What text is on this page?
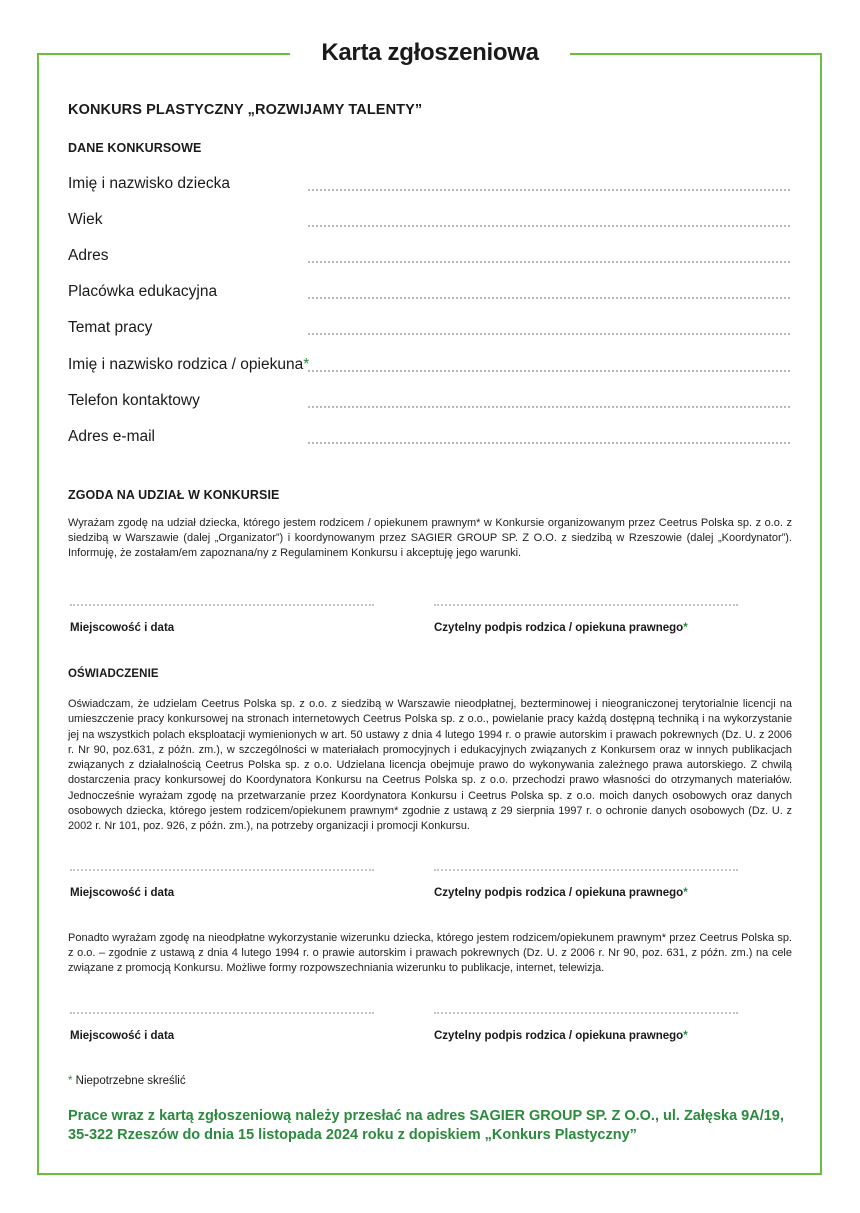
Karta zgłoszeniowa
KONKURS PLASTYCZNY „ROZWIJAMY TALENTY”
DANE KONKURSOWE
Imię i nazwisko dziecka
Wiek
Adres
Placówka edukacyjna
Temat pracy
Imię i nazwisko rodzica / opiekuna*
Telefon kontaktowy
Adres e-mail
ZGODA NA UDZIAŁ W KONKURSIE
Wyrażam zgodę na udział dziecka, którego jestem rodzicem / opiekunem prawnym* w Konkursie organizowanym przez Ceetrus Polska sp. z o.o. z siedzibą w Warszawie (dalej „Organizator”) i koordynowanym przez SAGIER GROUP SP. Z O.O. z siedzibą w Rzeszowie (dalej „Koordynator”). Informuję, że zostałam/em zapoznana/ny z Regulaminem Konkursu i akceptuję jego warunki.
Miejscowość i data	Czytelny podpis rodzica / opiekuna prawnego*
OŚWIADCZENIE
Oświadczam, że udzielam Ceetrus Polska sp. z o.o. z siedzibą w Warszawie nieodpłatnej, bezterminowej i nieograniczonej terytorialnie licencji na umieszczenie pracy konkursowej na stronach internetowych Ceetrus Polska sp. z o.o., powielanie pracy każdą dostępną techniką i na wykorzystanie jej na wszystkich polach eksploatacji wymienionych w art. 50 ustawy z dnia 4 lutego 1994 r. o prawie autorskim i prawach pokrewnych (Dz. U. z 2006 r. Nr 90, poz.631, z późn. zm.), w szczególności w materiałach promocyjnych i edukacyjnych związanych z Konkursem oraz w innych publikacjach związanych z działalnością Ceetrus Polska sp. z o.o. Udzielana licencja obejmuje prawo do wykonywania zależnego prawa autorskiego. Z chwilą dostarczenia pracy konkursowej do Koordynatora Konkursu na Ceetrus Polska sp. z o.o. przechodzi prawo własności do otrzymanych materiałów. Jednocześnie wyrażam zgodę na przetwarzanie przez Koordynatora Konkursu i Ceetrus Polska sp. z o.o. moich danych osobowych oraz danych osobowych dziecka, którego jestem rodzicem/opiekunem prawnym* zgodnie z ustawą z 29 sierpnia 1997 r. o ochronie danych osobowych (Dz. U. z 2002 r. Nr 101, poz. 926, z późn. zm.), na potrzeby organizacji i promocji Konkursu.
Miejscowość i data	Czytelny podpis rodzica / opiekuna prawnego*
Ponadto wyrażam zgodę na nieodpłatne wykorzystanie wizerunku dziecka, którego jestem rodzicem/opiekunem prawnym* przez Ceetrus Polska sp. z o.o. – zgodnie z ustawą z dnia 4 lutego 1994 r. o prawie autorskim i prawach pokrewnych (Dz. U. z 2006 r. Nr 90, poz. 631, z późn. zm.) na cele związane z promocją Konkursu. Możliwe formy rozpowszechniania wizerunku to publikacje, internet, telewizja.
Miejscowość i data	Czytelny podpis rodzica / opiekuna prawnego*
* Niepotrzebne skreślić
Prace wraz z kartą zgłoszeniową należy przesłać na adres SAGIER GROUP SP. Z O.O., ul. Załęska 9A/19, 35-322 Rzeszów do dnia 15 listopada 2024 roku z dopiskiem „Konkurs Plastyczny”
